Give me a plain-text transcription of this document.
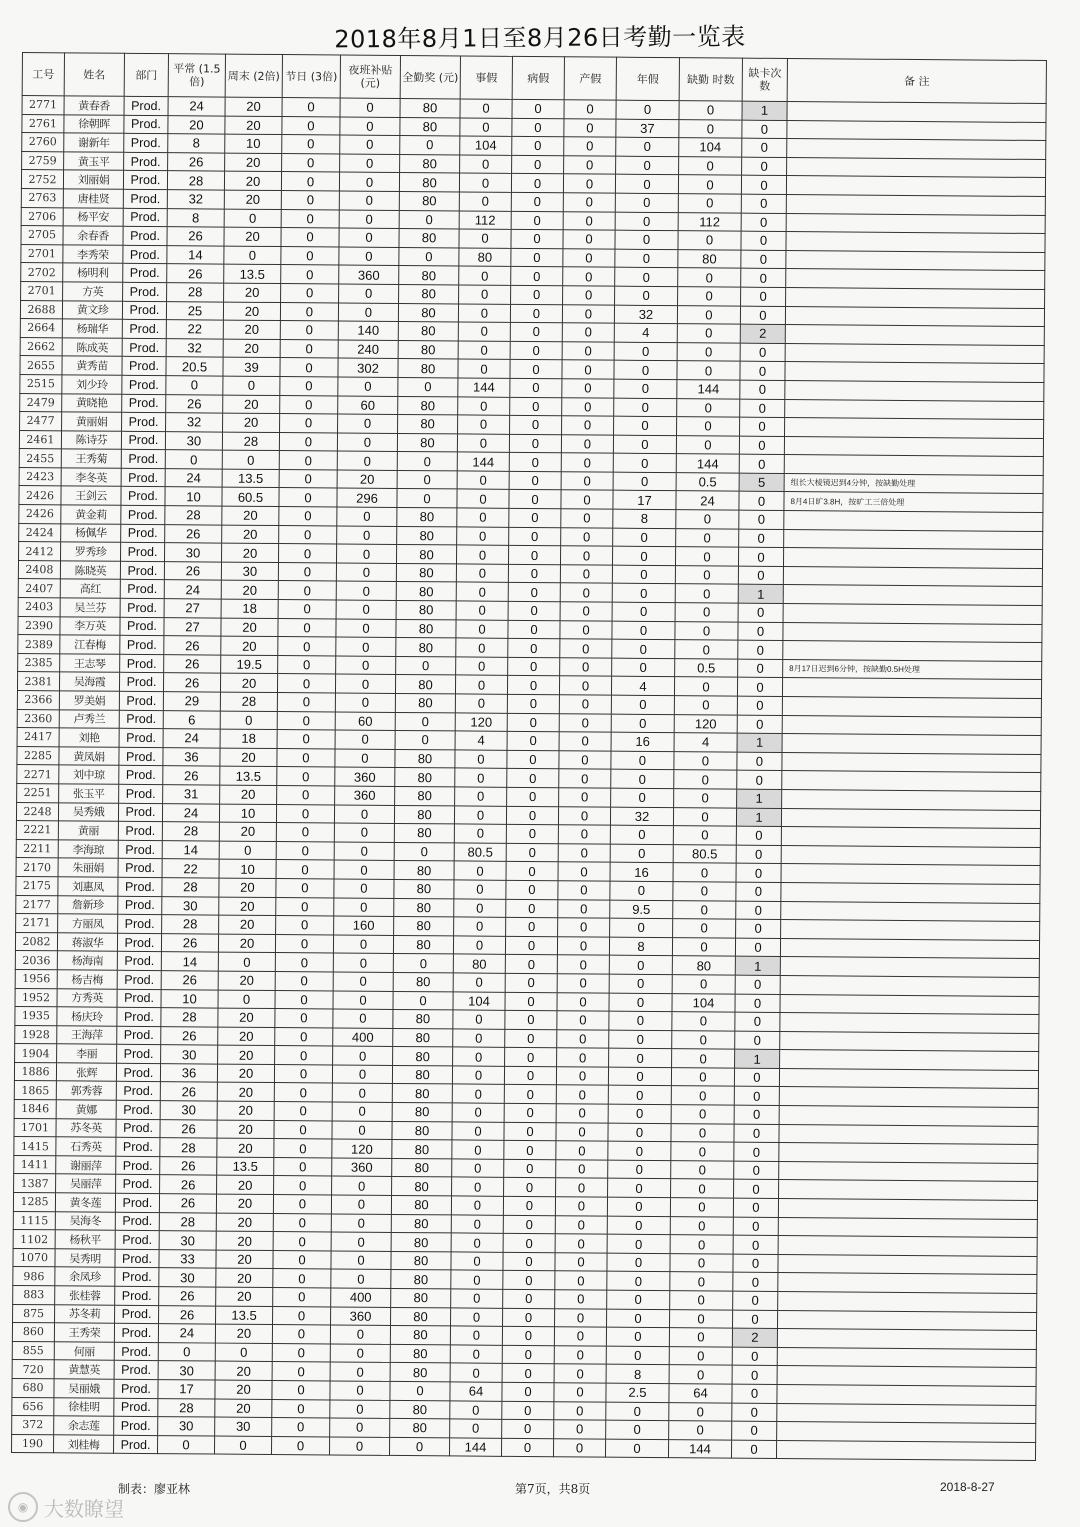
2018年8月1日至8月26日考勤一览表
工号	姓名	部门	平常 (1.5倍)	周末 (2倍)	节日 (3倍)	夜班补贴 (元)	全勤奖 (元)	事假	病假	产假	年假	缺勤 时数	缺卡次 数	备 注
2771	黄春香	Prod.	24	20	0	0	80	0	0	0	0	0	1	
2761	徐朝晖	Prod.	20	20	0	0	80	0	0	0	37	0	0	
2760	谢新年	Prod.	8	10	0	0	0	104	0	0	0	104	0	
2759	黄玉平	Prod.	26	20	0	0	80	0	0	0	0	0	0	
2752	刘丽娟	Prod.	28	20	0	0	80	0	0	0	0	0	0	
2763	唐桂贤	Prod.	32	20	0	0	80	0	0	0	0	0	0	
2706	杨平安	Prod.	8	0	0	0	0	112	0	0	0	112	0	
2705	余春香	Prod.	26	20	0	0	80	0	0	0	0	0	0	
2701	李秀荣	Prod.	14	0	0	0	0	80	0	0	0	80	0	
2702	杨明利	Prod.	26	13.5	0	360	80	0	0	0	0	0	0	
2701	方英	Prod.	28	20	0	0	80	0	0	0	0	0	0	
2688	黄文珍	Prod.	25	20	0	0	80	0	0	0	32	0	0	
2664	杨瑞华	Prod.	22	20	0	140	80	0	0	0	4	0	2	
2662	陈成英	Prod.	32	20	0	240	80	0	0	0	0	0	0	
2655	黄秀苗	Prod.	20.5	39	0	302	80	0	0	0	0	0	0	
2515	刘少玲	Prod.	0	0	0	0	0	144	0	0	0	144	0	
2479	黄晓艳	Prod.	26	20	0	60	80	0	0	0	0	0	0	
2477	黄丽娟	Prod.	32	20	0	0	80	0	0	0	0	0	0	
2461	陈诗芬	Prod.	30	28	0	0	80	0	0	0	0	0	0	
2455	王秀菊	Prod.	0	0	0	0	0	144	0	0	0	144	0	
2423	李冬英	Prod.	24	13.5	0	20	0	0	0	0	0	0.5	5	组长大棱镜迟到4分钟，按缺勤处理
2426	王剑云	Prod.	10	60.5	0	296	0	0	0	0	17	24	0	8月4日旷3.8H，按旷工三倍处理
2426	黄金莉	Prod.	28	20	0	0	80	0	0	0	8	0	0	
2424	杨佩华	Prod.	26	20	0	0	80	0	0	0	0	0	0	
2412	罗秀珍	Prod.	30	20	0	0	80	0	0	0	0	0	0	
2408	陈晓英	Prod.	26	30	0	0	80	0	0	0	0	0	0	
2407	高红	Prod.	24	20	0	0	80	0	0	0	0	0	1	
2403	吴兰芬	Prod.	27	18	0	0	80	0	0	0	0	0	0	
2390	李万英	Prod.	27	20	0	0	80	0	0	0	0	0	0	
2389	江春梅	Prod.	26	20	0	0	80	0	0	0	0	0	0	
2385	王志琴	Prod.	26	19.5	0	0	0	0	0	0	0	0.5	0	8月17日迟到6分钟，按缺勤0.5H处理
2381	吴海霞	Prod.	26	20	0	0	80	0	0	0	4	0	0	
2366	罗美娟	Prod.	29	28	0	0	80	0	0	0	0	0	0	
2360	卢秀兰	Prod.	6	0	0	60	0	120	0	0	0	120	0	
2417	刘艳	Prod.	24	18	0	0	0	4	0	0	16	4	1	
2285	黄凤娟	Prod.	36	20	0	0	80	0	0	0	0	0	0	
2271	刘中琼	Prod.	26	13.5	0	360	80	0	0	0	0	0	0	
2251	张玉平	Prod.	31	20	0	360	80	0	0	0	0	0	1	
2248	吴秀娥	Prod.	24	10	0	0	80	0	0	0	32	0	1	
2221	黄丽	Prod.	28	20	0	0	80	0	0	0	0	0	0	
2211	李海琼	Prod.	14	0	0	0	0	80.5	0	0	0	80.5	0	
2170	朱丽娟	Prod.	22	10	0	0	80	0	0	0	16	0	0	
2175	刘惠凤	Prod.	28	20	0	0	80	0	0	0	0	0	0	
2177	詹新珍	Prod.	30	20	0	0	80	0	0	0	9.5	0	0	
2171	方丽凤	Prod.	28	20	0	160	80	0	0	0	0	0	0	
2082	蒋淑华	Prod.	26	20	0	0	80	0	0	0	8	0	0	
2036	杨海南	Prod.	14	0	0	0	0	80	0	0	0	80	1	
1956	杨吉梅	Prod.	26	20	0	0	80	0	0	0	0	0	0	
1952	方秀英	Prod.	10	0	0	0	0	104	0	0	0	104	0	
1935	杨庆玲	Prod.	28	20	0	0	80	0	0	0	0	0	0	
1928	王海萍	Prod.	26	20	0	400	80	0	0	0	0	0	0	
1904	李丽	Prod.	30	20	0	0	80	0	0	0	0	0	1	
1886	张辉	Prod.	36	20	0	0	80	0	0	0	0	0	0	
1865	郭秀蓉	Prod.	26	20	0	0	80	0	0	0	0	0	0	
1846	黄娜	Prod.	30	20	0	0	80	0	0	0	0	0	0	
1701	苏冬英	Prod.	26	20	0	0	80	0	0	0	0	0	0	
1415	石秀英	Prod.	28	20	0	120	80	0	0	0	0	0	0	
1411	谢丽萍	Prod.	26	13.5	0	360	80	0	0	0	0	0	0	
1387	吴丽萍	Prod.	26	20	0	0	80	0	0	0	0	0	0	
1285	黄冬莲	Prod.	26	20	0	0	80	0	0	0	0	0	0	
1115	吴海冬	Prod.	28	20	0	0	80	0	0	0	0	0	0	
1102	杨秋平	Prod.	30	20	0	0	80	0	0	0	0	0	0	
1070	吴秀明	Prod.	33	20	0	0	80	0	0	0	0	0	0	
986	余凤珍	Prod.	30	20	0	0	80	0	0	0	0	0	0	
883	张桂蓉	Prod.	26	20	0	400	80	0	0	0	0	0	0	
875	苏冬莉	Prod.	26	13.5	0	360	80	0	0	0	0	0	0	
860	王秀荣	Prod.	24	20	0	0	80	0	0	0	0	0	2	
855	何丽	Prod.	0	0	0	0	80	0	0	0	0	0	0	
720	黄慧英	Prod.	30	20	0	0	80	0	0	0	8	0	0	
680	吴丽娥	Prod.	17	20	0	0	0	64	0	0	2.5	64	0	
656	徐桂明	Prod.	28	20	0	0	80	0	0	0	0	0	0	
372	余志莲	Prod.	30	30	0	0	80	0	0	0	0	0	0	
190	刘桂梅	Prod.	0	0	0	0	0	144	0	0	0	144	0	
制表：廖亚林	第7页，共8页	2018-8-27
◉ 大数瞭望
